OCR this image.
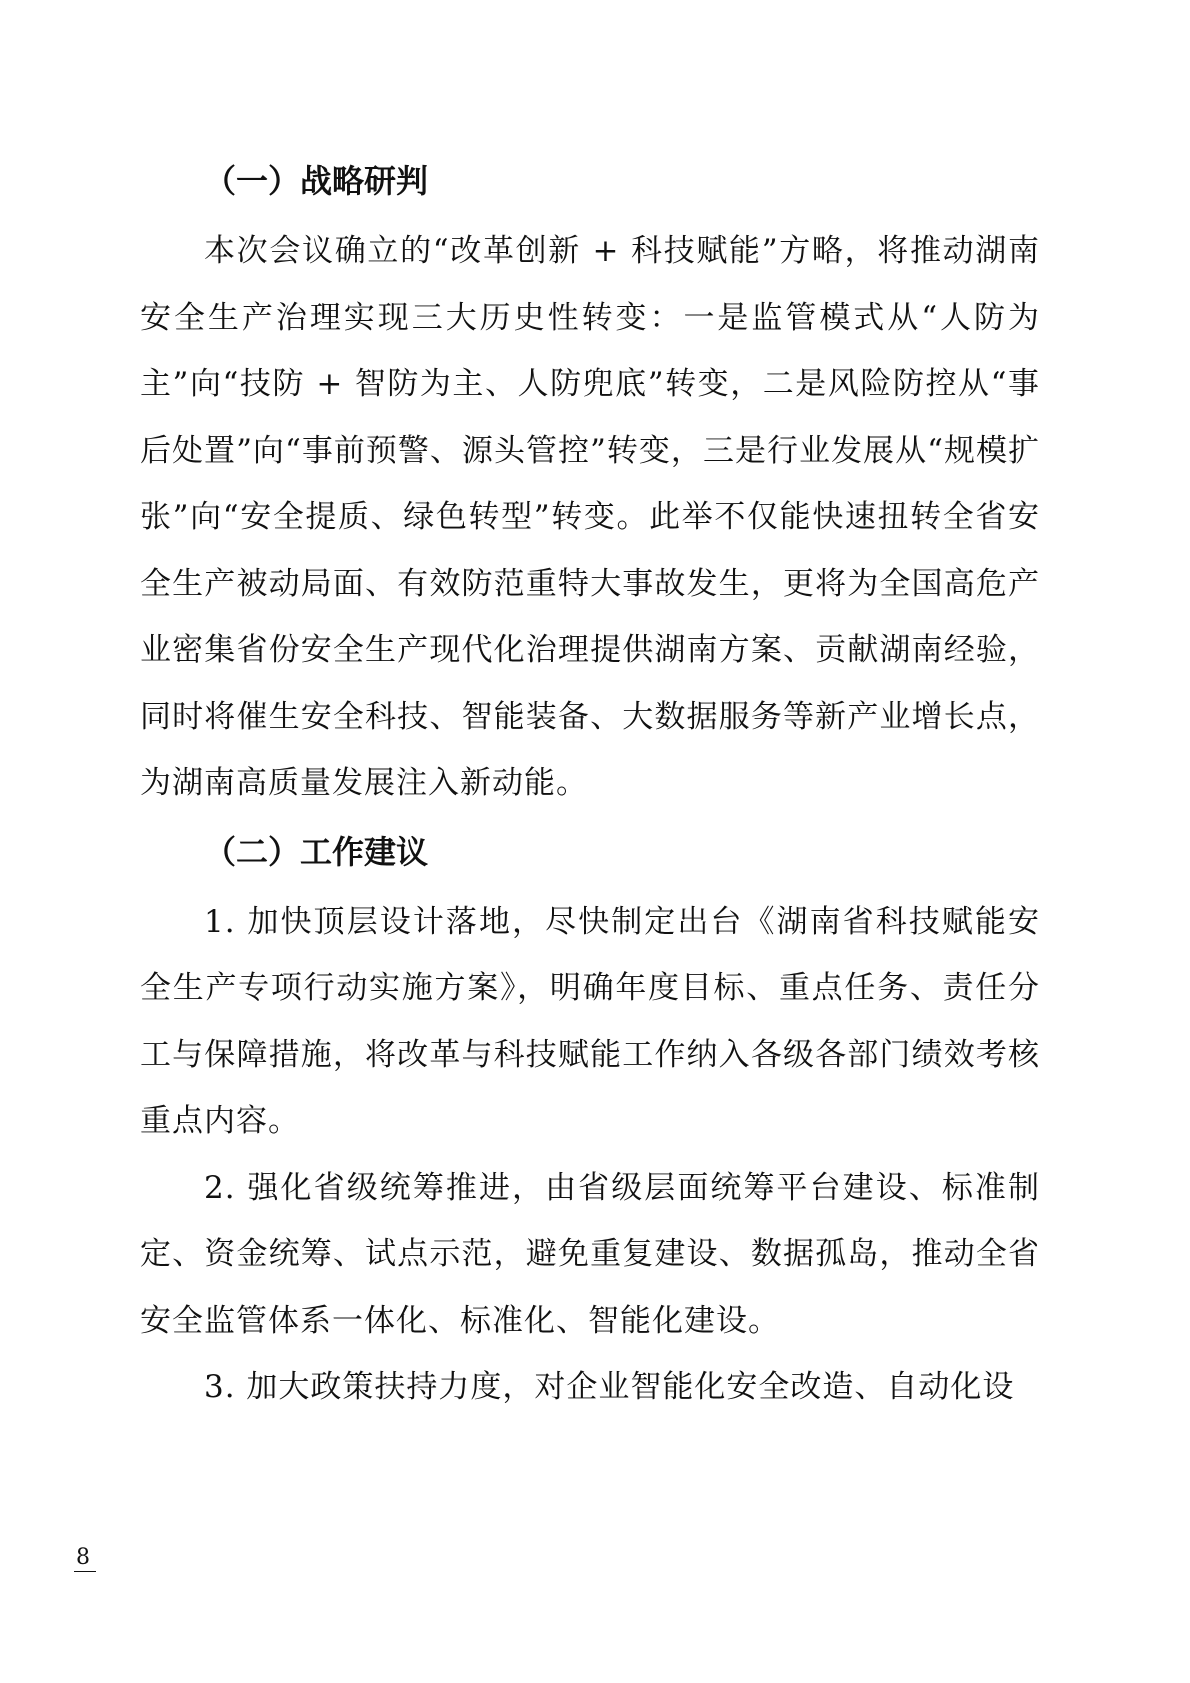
（一）战略研判

本次会议确立的“改革创新 + 科技赋能”方略，将推动湖南安全生产治理实现三大历史性转变：一是监管模式从“人防为主”向“技防 + 智防为主、人防兜底”转变，二是风险防控从“事后处置”向“事前预警、源头管控”转变，三是行业发展从“规模扩张”向“安全提质、绿色转型”转变。此举不仅能快速扭转全省安全生产被动局面、有效防范重特大事故发生，更将为全国高危产业密集省份安全生产现代化治理提供湖南方案、贡献湖南经验，同时将催生安全科技、智能装备、大数据服务等新产业增长点，为湖南高质量发展注入新动能。

（二）工作建议

1. 加快顶层设计落地，尽快制定出台《湖南省科技赋能安全生产专项行动实施方案》，明确年度目标、重点任务、责任分工与保障措施，将改革与科技赋能工作纳入各级各部门绩效考核重点内容。

2. 强化省级统筹推进，由省级层面统筹平台建设、标准制定、资金统筹、试点示范，避免重复建设、数据孤岛，推动全省安全监管体系一体化、标准化、智能化建设。

3. 加大政策扶持力度，对企业智能化安全改造、自动化设

8
